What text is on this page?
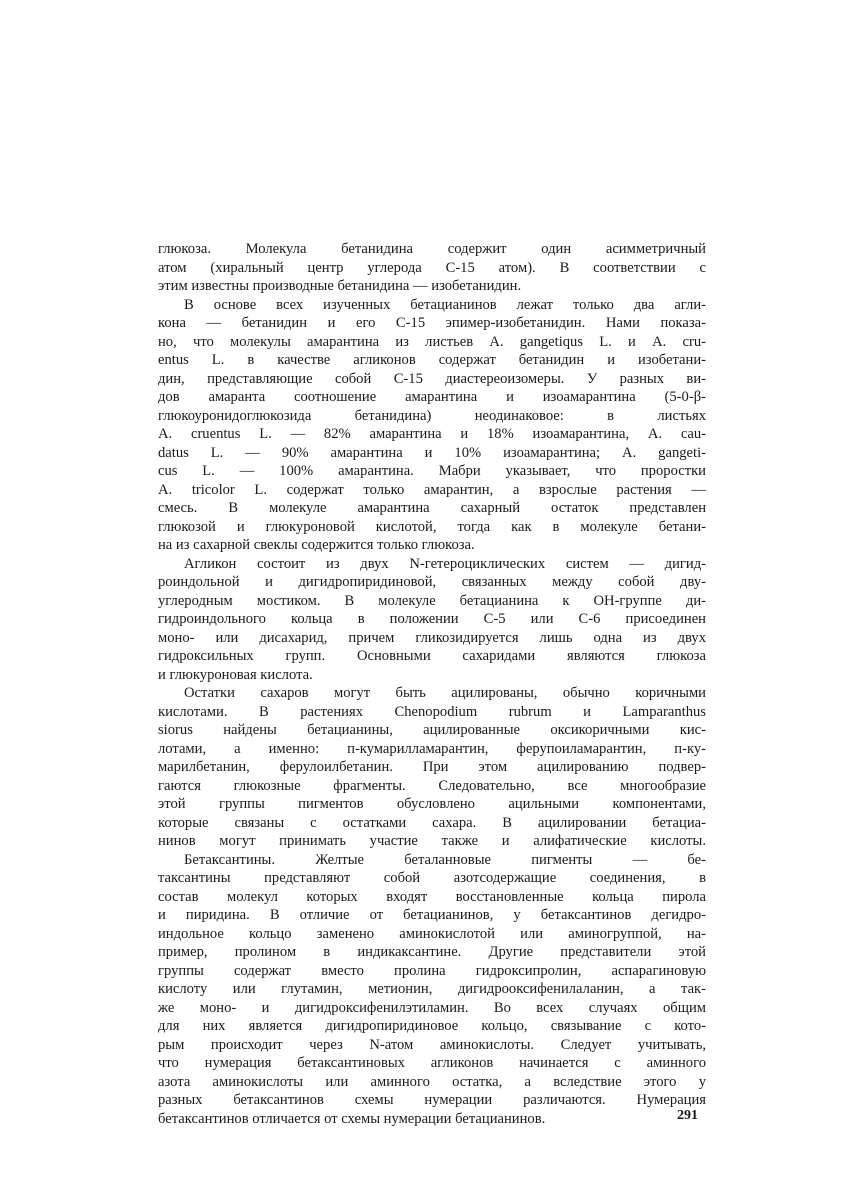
глюкоза. Молекула бетанидина содержит один асимметричный
атом (хиральный центр углерода С-15 атом). В соответствии с
этим известны производные бетанидина — изобетанидин.
В основе всех изученных бетацианинов лежат только два агли-
кона — бетанидин и его С-15 эпимер-изобетанидин. Нами показа-
но, что молекулы амарантина из листьев A. gangetiqus L. и A. cru-
entus L. в качестве агликонов содержат бетанидин и изобетани-
дин, представляющие собой С-15 диастереоизомеры. У разных ви-
дов амаранта соотношение амарантина и изоамарантина (5-0-β-
глюкоуронидоглюкозида бетанидина) неодинаковое: в листьях
A. cruentus L. — 82% амарантина и 18% изоамарантина, A. cau-
datus L. — 90% амарантина и 10% изоамарантина; A. gangeti-
cus L. — 100% амарантина. Мабри указывает, что проростки
A. tricolor L. содержат только амарантин, а взрослые растения —
смесь. В молекуле амарантина сахарный остаток представлен
глюкозой и глюкуроновой кислотой, тогда как в молекуле бетани-
на из сахарной свеклы содержится только глюкоза.
Агликон состоит из двух N-гетероциклических систем — дигид-
роиндольной и дигидропиридиновой, связанных между собой дву-
углеродным мостиком. В молекуле бетацианина к ОН-группе ди-
гидроиндольного кольца в положении С-5 или С-6 присоединен
моно- или дисахарид, причем гликозидируется лишь одна из двух
гидроксильных групп. Основными сахаридами являются глюкоза
и глюкуроновая кислота.
Остатки сахаров могут быть ацилированы, обычно коричными
кислотами. В растениях Chenopodium rubrum и Lamparanthus
siorus найдены бетацианины, ацилированные оксикоричными кис-
лотами, а именно: п-кумарилламарантин, ферупоиламарантин, п-ку-
марилбетанин, ферулоилбетанин. При этом ацилированию подвер-
гаются глюкозные фрагменты. Следовательно, все многообразие
этой группы пигментов обусловлено ацильными компонентами,
которые связаны с остатками сахара. В ацилировании бетациа-
нинов могут принимать участие также и алифатические кислоты.
Бетаксантины. Желтые беталанновые пигменты — бе-
таксантины представляют собой азотсодержащие соединения, в
состав молекул которых входят восстановленные кольца пирола
и пиридина. В отличие от бетацианинов, у бетаксантинов дегидро-
индольное кольцо заменено аминокислотой или аминогруппой, на-
пример, пролином в индикаксантине. Другие представители этой
группы содержат вместо пролина гидроксипролин, аспарагиновую
кислоту или глутамин, метионин, дигидрооксифенилаланин, а так-
же моно- и дигидроксифенилэтиламин. Во всех случаях общим
для них является дигидропиридиновое кольцо, связывание с кото-
рым происходит через N-атом аминокислоты. Следует учитывать,
что нумерация бетаксантиновых агликонов начинается с аминного
азота аминокислоты или аминного остатка, а вследствие этого у
разных бетаксантинов схемы нумерации различаются. Нумерация
бетаксантинов отличается от схемы нумерации бетацианинов.	291
